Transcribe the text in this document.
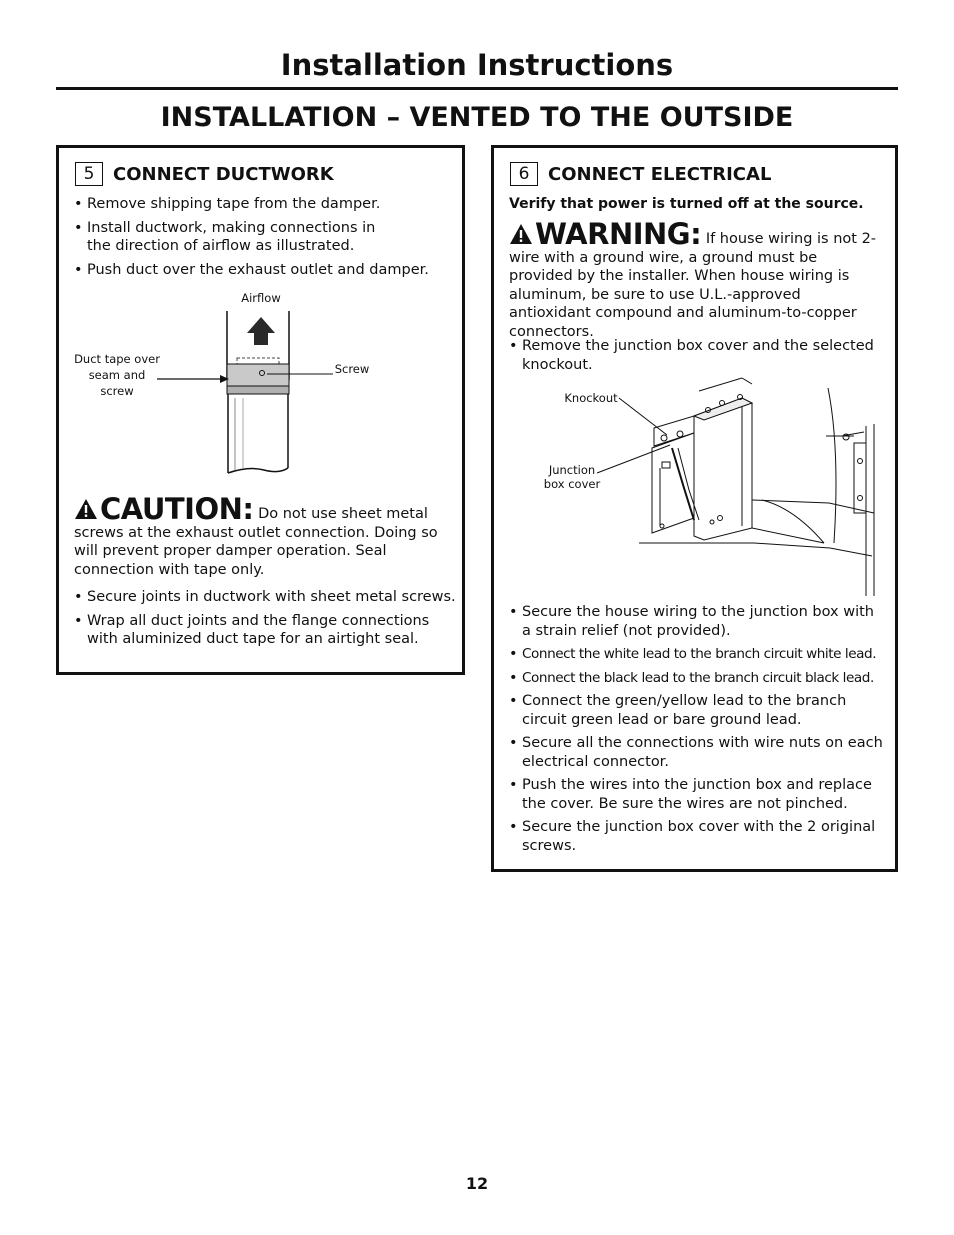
Installation Instructions
INSTALLATION – VENTED TO THE OUTSIDE
5	CONNECT DUCTWORK
• Remove shipping tape from the damper.
• Install ductwork, making connections in the direction of airflow as illustrated.
• Push duct over the exhaust outlet and damper.
Airflow
Duct tape over seam and screw
Screw
CAUTION: Do not use sheet metal screws at the exhaust outlet connection. Doing so will prevent proper damper operation. Seal connection with tape only.
• Secure joints in ductwork with sheet metal screws.
• Wrap all duct joints and the flange connections with aluminized duct tape for an airtight seal.
6	CONNECT ELECTRICAL
Verify that power is turned off at the source.
WARNING: If house wiring is not 2-wire with a ground wire, a ground must be provided by the installer. When house wiring is aluminum, be sure to use U.L.-approved antioxidant compound and aluminum-to-copper connectors.
• Remove the junction box cover and the selected knockout.
Knockout
Junction box cover
• Secure the house wiring to the junction box with a strain relief (not provided).
• Connect the white lead to the branch circuit white lead.
• Connect the black lead to the branch circuit black lead.
• Connect the green/yellow lead to the branch circuit green lead or bare ground lead.
• Secure all the connections with wire nuts on each electrical connector.
• Push the wires into the junction box and replace the cover. Be sure the wires are not pinched.
• Secure the junction box cover with the 2 original screws.
12
